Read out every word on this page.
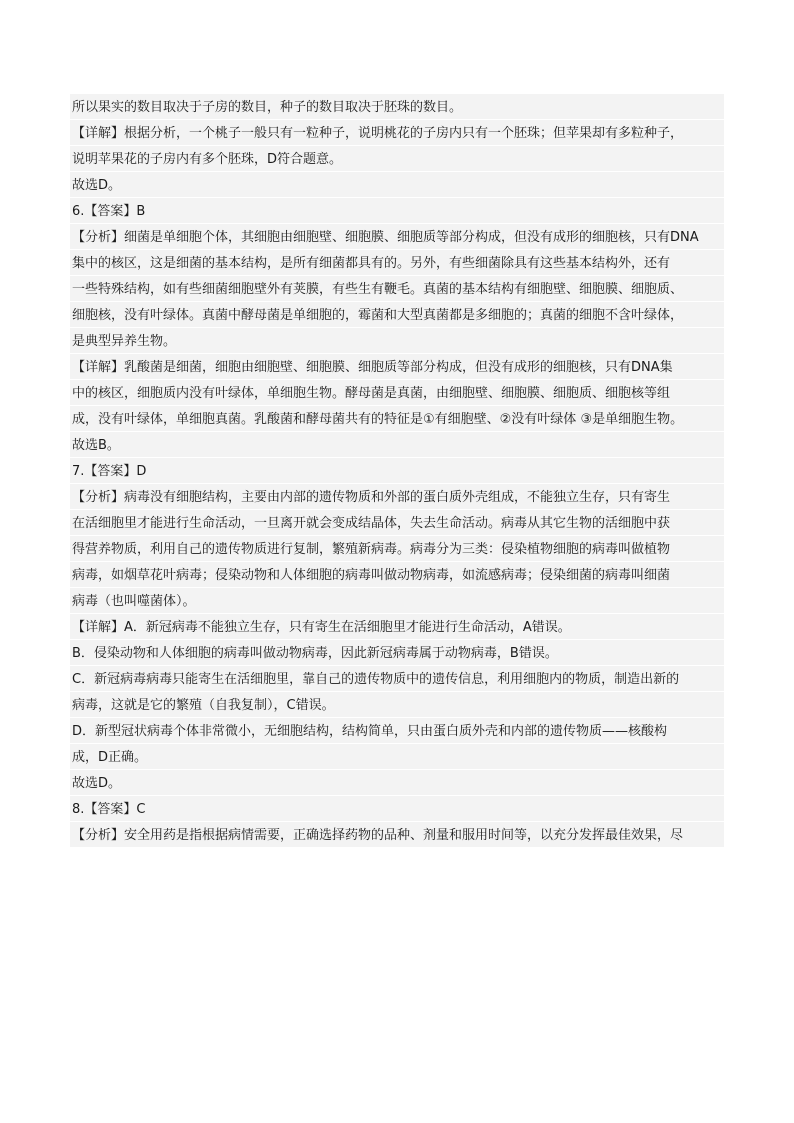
所以果实的数目取决于子房的数目，种子的数目取决于胚珠的数目。
【详解】根据分析，一个桃子一般只有一粒种子，说明桃花的子房内只有一个胚珠；但苹果却有多粒种子，
说明苹果花的子房内有多个胚珠，D符合题意。
故选D。
6.【答案】B
【分析】细菌是单细胞个体，其细胞由细胞壁、细胞膜、细胞质等部分构成，但没有成形的细胞核，只有DNA
集中的核区，这是细菌的基本结构，是所有细菌都具有的。另外，有些细菌除具有这些基本结构外，还有
一些特殊结构，如有些细菌细胞壁外有荚膜，有些生有鞭毛。真菌的基本结构有细胞壁、细胞膜、细胞质、
细胞核，没有叶绿体。真菌中酵母菌是单细胞的，霉菌和大型真菌都是多细胞的；真菌的细胞不含叶绿体，
是典型异养生物。
【详解】乳酸菌是细菌，细胞由细胞壁、细胞膜、细胞质等部分构成，但没有成形的细胞核，只有DNA集
中的核区，细胞质内没有叶绿体，单细胞生物。酵母菌是真菌，由细胞壁、细胞膜、细胞质、细胞核等组
成，没有叶绿体，单细胞真菌。乳酸菌和酵母菌共有的特征是①有细胞壁、②没有叶绿体 ③是单细胞生物。
故选B。
7.【答案】D
【分析】病毒没有细胞结构，主要由内部的遗传物质和外部的蛋白质外壳组成，不能独立生存，只有寄生
在活细胞里才能进行生命活动，一旦离开就会变成结晶体，失去生命活动。病毒从其它生物的活细胞中获
得营养物质，利用自己的遗传物质进行复制，繁殖新病毒。病毒分为三类：侵染植物细胞的病毒叫做植物
病毒，如烟草花叶病毒；侵染动物和人体细胞的病毒叫做动物病毒，如流感病毒；侵染细菌的病毒叫细菌
病毒（也叫噬菌体）。
【详解】A．新冠病毒不能独立生存，只有寄生在活细胞里才能进行生命活动，A错误。
B．侵染动物和人体细胞的病毒叫做动物病毒，因此新冠病毒属于动物病毒，B错误。
C．新冠病毒病毒只能寄生在活细胞里，靠自己的遗传物质中的遗传信息，利用细胞内的物质，制造出新的
病毒，这就是它的繁殖（自我复制），C错误。
D．新型冠状病毒个体非常微小，无细胞结构，结构简单，只由蛋白质外壳和内部的遗传物质——核酸构
成，D正确。
故选D。
8.【答案】C
【分析】安全用药是指根据病情需要，正确选择药物的品种、剂量和服用时间等，以充分发挥最佳效果，尽
